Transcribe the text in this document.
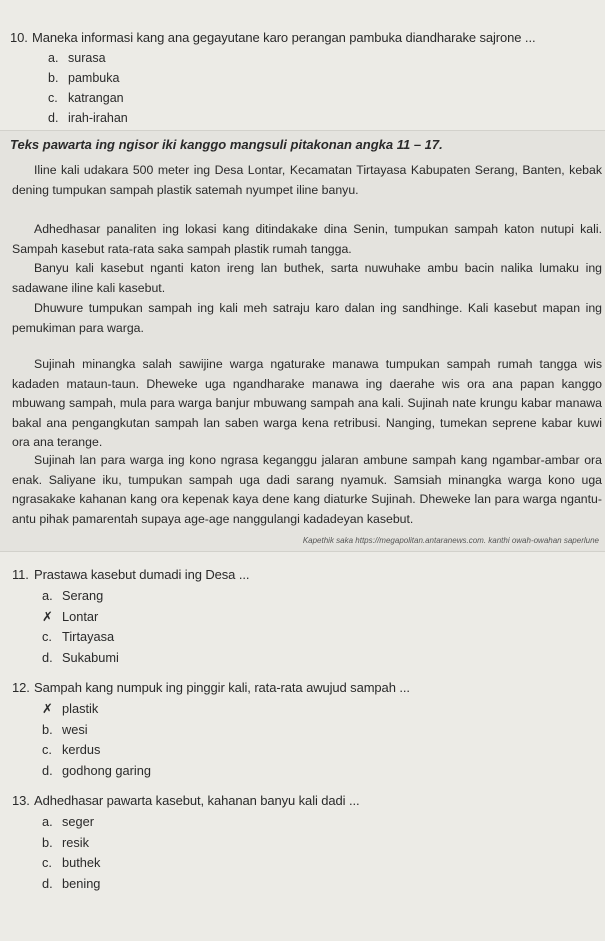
10. Maneka informasi kang ana gegayutane karo perangan pambuka diandharake sajrone ...
a. surasa
b. pambuka
c. katrangan
d. irah-irahan
Teks pawarta ing ngisor iki kanggo mangsuli pitakonan angka 11 – 17.
Iline kali udakara 500 meter ing Desa Lontar, Kecamatan Tirtayasa Kabupaten Serang, Banten, kebak dening tumpukan sampah plastik satemah nyumpet iline banyu.
Adhedhasar panaliten ing lokasi kang ditindakake dina Senin, tumpukan sampah katon nutupi kali. Sampah kasebut rata-rata saka sampah plastik rumah tangga.
Banyu kali kasebut nganti katon ireng lan buthek, sarta nuwuhake ambu bacin nalika lumaku ing sadawane iline kali kasebut.
Dhuwure tumpukan sampah ing kali meh satraju karo dalan ing sandhinge. Kali kasebut mapan ing pemukiman para warga.
Sujinah minangka salah sawijine warga ngaturake manawa tumpukan sampah rumah tangga wis kadaden mataun-taun. Dheweke uga ngandharake manawa ing daerahe wis ora ana papan kanggo mbuwang sampah, mula para warga banjur mbuwang sampah ana kali. Sujinah nate krungu kabar manawa bakal ana pengangkutan sampah lan saben warga kena retribusi. Nanging, tumekan seprene kabar kuwi ora ana terange.
Sujinah lan para warga ing kono ngrasa keganggu jalaran ambune sampah kang ngambar-ambar ora enak. Saliyane iku, tumpukan sampah uga dadi sarang nyamuk. Samsiah minangka warga kono uga ngrasakake kahanan kang ora kepenak kaya dene kang diaturke Sujinah. Dheweke lan para warga ngantu-antu pihak pamarentah supaya age-age nanggulangi kadadeyan kasebut.
Kapethik saka https://megapolitan.antaranews.com. kanthi owah-owahan saperlune
11. Prastawa kasebut dumadi ing Desa ...
a. Serang
✗ Lontar
c. Tirtayasa
d. Sukabumi
12. Sampah kang numpuk ing pinggir kali, rata-rata awujud sampah ...
✗ plastik
b. wesi
c. kerdus
d. godhong garing
13. Adhedhasar pawarta kasebut, kahanan banyu kali dadi ...
a. seger
b. resik
c. buthek
d. bening
